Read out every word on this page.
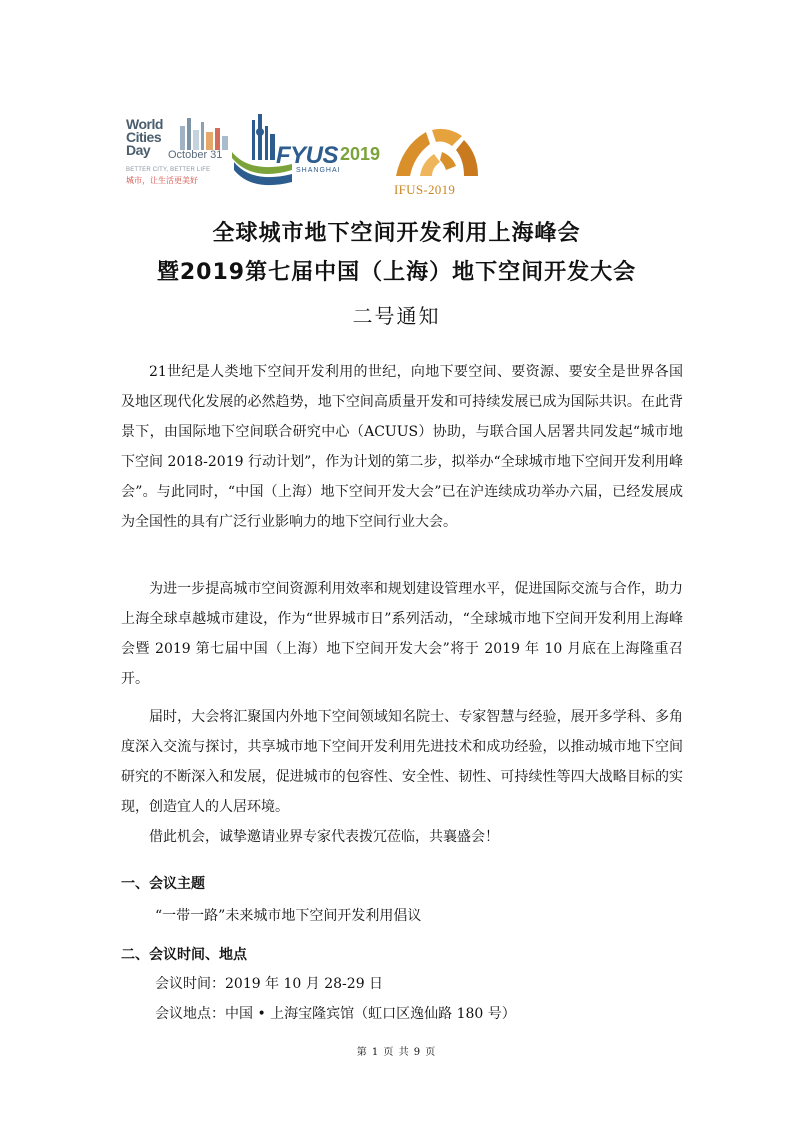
World
Cities
Day	October 31
BETTER CITY, BETTER LIFE
城市，让生活更美好
FYUS 2019
SHANGHAI
IFUS-2019
全球城市地下空间开发利用上海峰会
暨2019第七届中国（上海）地下空间开发大会
二号通知
21世纪是人类地下空间开发利用的世纪，向地下要空间、要资源、要安全是世界各国及地区现代化发展的必然趋势，地下空间高质量开发和可持续发展已成为国际共识。在此背景下，由国际地下空间联合研究中心（ACUUS）协助，与联合国人居署共同发起“城市地下空间 2018-2019 行动计划”，作为计划的第二步，拟举办“全球城市地下空间开发利用峰会”。与此同时，“中国（上海）地下空间开发大会”已在沪连续成功举办六届，已经发展成为全国性的具有广泛行业影响力的地下空间行业大会。
为进一步提高城市空间资源利用效率和规划建设管理水平，促进国际交流与合作，助力上海全球卓越城市建设，作为“世界城市日”系列活动，“全球城市地下空间开发利用上海峰会暨 2019 第七届中国（上海）地下空间开发大会”将于 2019 年 10 月底在上海隆重召开。
届时，大会将汇聚国内外地下空间领域知名院士、专家智慧与经验，展开多学科、多角度深入交流与探讨，共享城市地下空间开发利用先进技术和成功经验，以推动城市地下空间研究的不断深入和发展，促进城市的包容性、安全性、韧性、可持续性等四大战略目标的实现，创造宜人的人居环境。
借此机会，诚挚邀请业界专家代表拨冗莅临，共襄盛会！
一、会议主题
“一带一路”未来城市地下空间开发利用倡议
二、会议时间、地点
会议时间：2019 年 10 月 28-29 日
会议地点：中国 • 上海宝隆宾馆（虹口区逸仙路 180 号）
第 1 页 共 9 页
